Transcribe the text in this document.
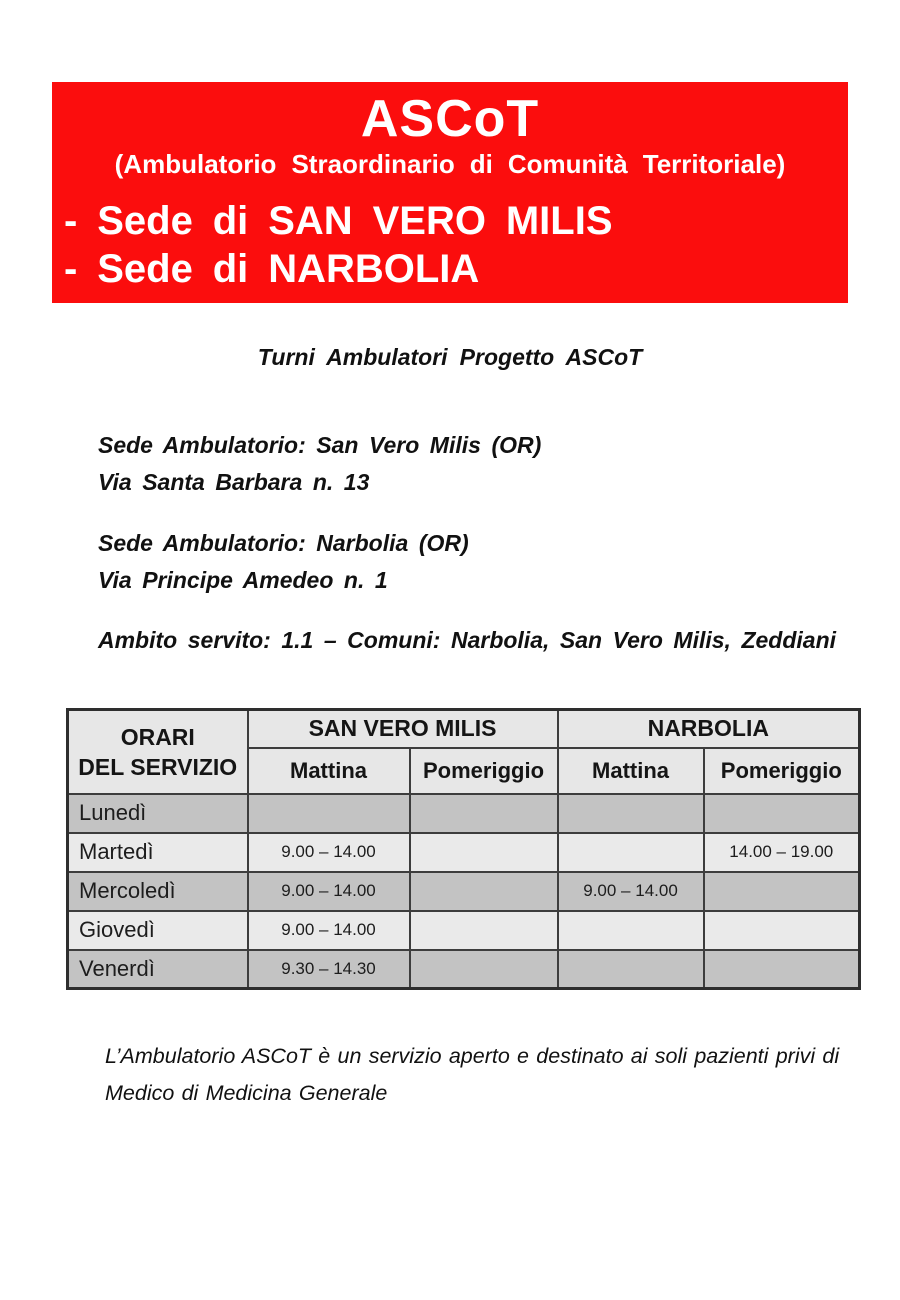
ASCoT
(Ambulatorio Straordinario di Comunità Territoriale)
- Sede di SAN VERO MILIS
- Sede di NARBOLIA
Turni Ambulatori Progetto ASCoT
Sede Ambulatorio: San Vero Milis (OR)
Via Santa Barbara n. 13
Sede Ambulatorio: Narbolia (OR)
Via Principe Amedeo n. 1
Ambito servito: 1.1 – Comuni: Narbolia, San Vero Milis, Zeddiani
ORARI
DEL SERVIZIO	SAN VERO MILIS		NARBOLIA	
	Mattina	Pomeriggio	Mattina	Pomeriggio
Lunedì				
Martedì	9.00 – 14.00			14.00 – 19.00
Mercoledì	9.00 – 14.00		9.00 – 14.00	
Giovedì	9.00 – 14.00			
Venerdì	9.30 – 14.30			
L’Ambulatorio ASCoT è un servizio aperto e destinato ai soli pazienti privi di
Medico di Medicina Generale
